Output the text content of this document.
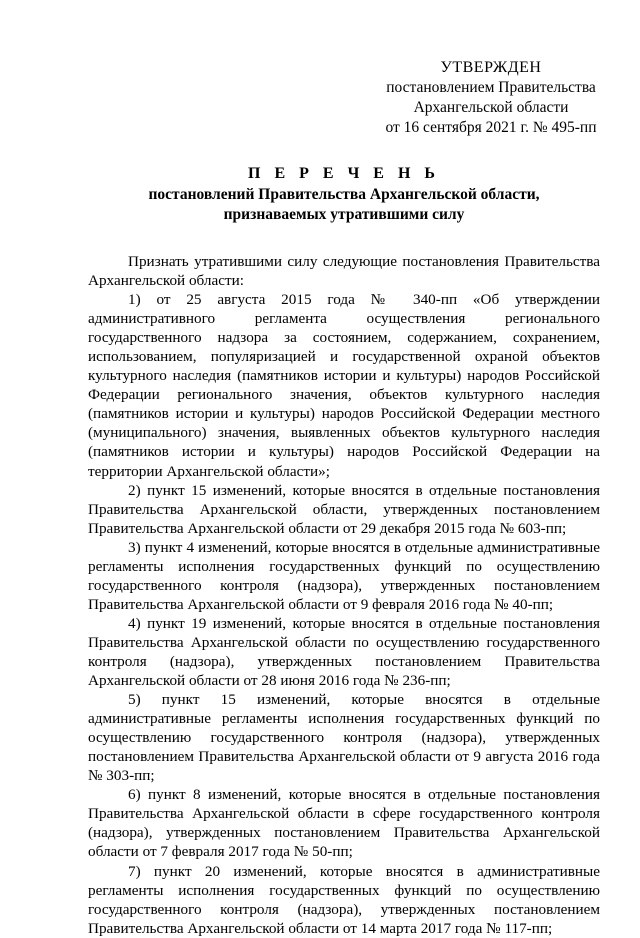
УТВЕРЖДЕН
постановлением Правительства
Архангельской области
от 16 сентября 2021 г. № 495-пп
П Е Р Е Ч Е Н Ь
постановлений Правительства Архангельской области,
признаваемых утратившими силу

Признать утратившими силу следующие постановления Правительства Архангельской области:

1) от 25 августа 2015 года № 340-пп «Об утверждении административного регламента осуществления регионального государственного надзора за состоянием, содержанием, сохранением, использованием, популяризацией и государственной охраной объектов культурного наследия (памятников истории и культуры) народов Российской Федерации регионального значения, объектов культурного наследия (памятников истории и культуры) народов Российской Федерации местного (муниципального) значения, выявленных объектов культурного наследия (памятников истории и культуры) народов Российской Федерации на территории Архангельской области»;

2) пункт 15 изменений, которые вносятся в отдельные постановления Правительства Архангельской области, утвержденных постановлением Правительства Архангельской области от 29 декабря 2015 года № 603-пп;

3) пункт 4 изменений, которые вносятся в отдельные административные регламенты исполнения государственных функций по осуществлению государственного контроля (надзора), утвержденных постановлением Правительства Архангельской области от 9 февраля 2016 года № 40-пп;

4) пункт 19 изменений, которые вносятся в отдельные постановления Правительства Архангельской области по осуществлению государственного контроля (надзора), утвержденных постановлением Правительства Архангельской области от 28 июня 2016 года № 236-пп;

5) пункт 15 изменений, которые вносятся в отдельные административные регламенты исполнения государственных функций по осуществлению государственного контроля (надзора), утвержденных постановлением Правительства Архангельской области от 9 августа 2016 года № 303-пп;

6) пункт 8 изменений, которые вносятся в отдельные постановления Правительства Архангельской области в сфере государственного контроля (надзора), утвержденных постановлением Правительства Архангельской области от 7 февраля 2017 года № 50-пп;

7) пункт 20 изменений, которые вносятся в административные регламенты исполнения государственных функций по осуществлению государственного контроля (надзора), утвержденных постановлением Правительства Архангельской области от 14 марта 2017 года № 117-пп;
